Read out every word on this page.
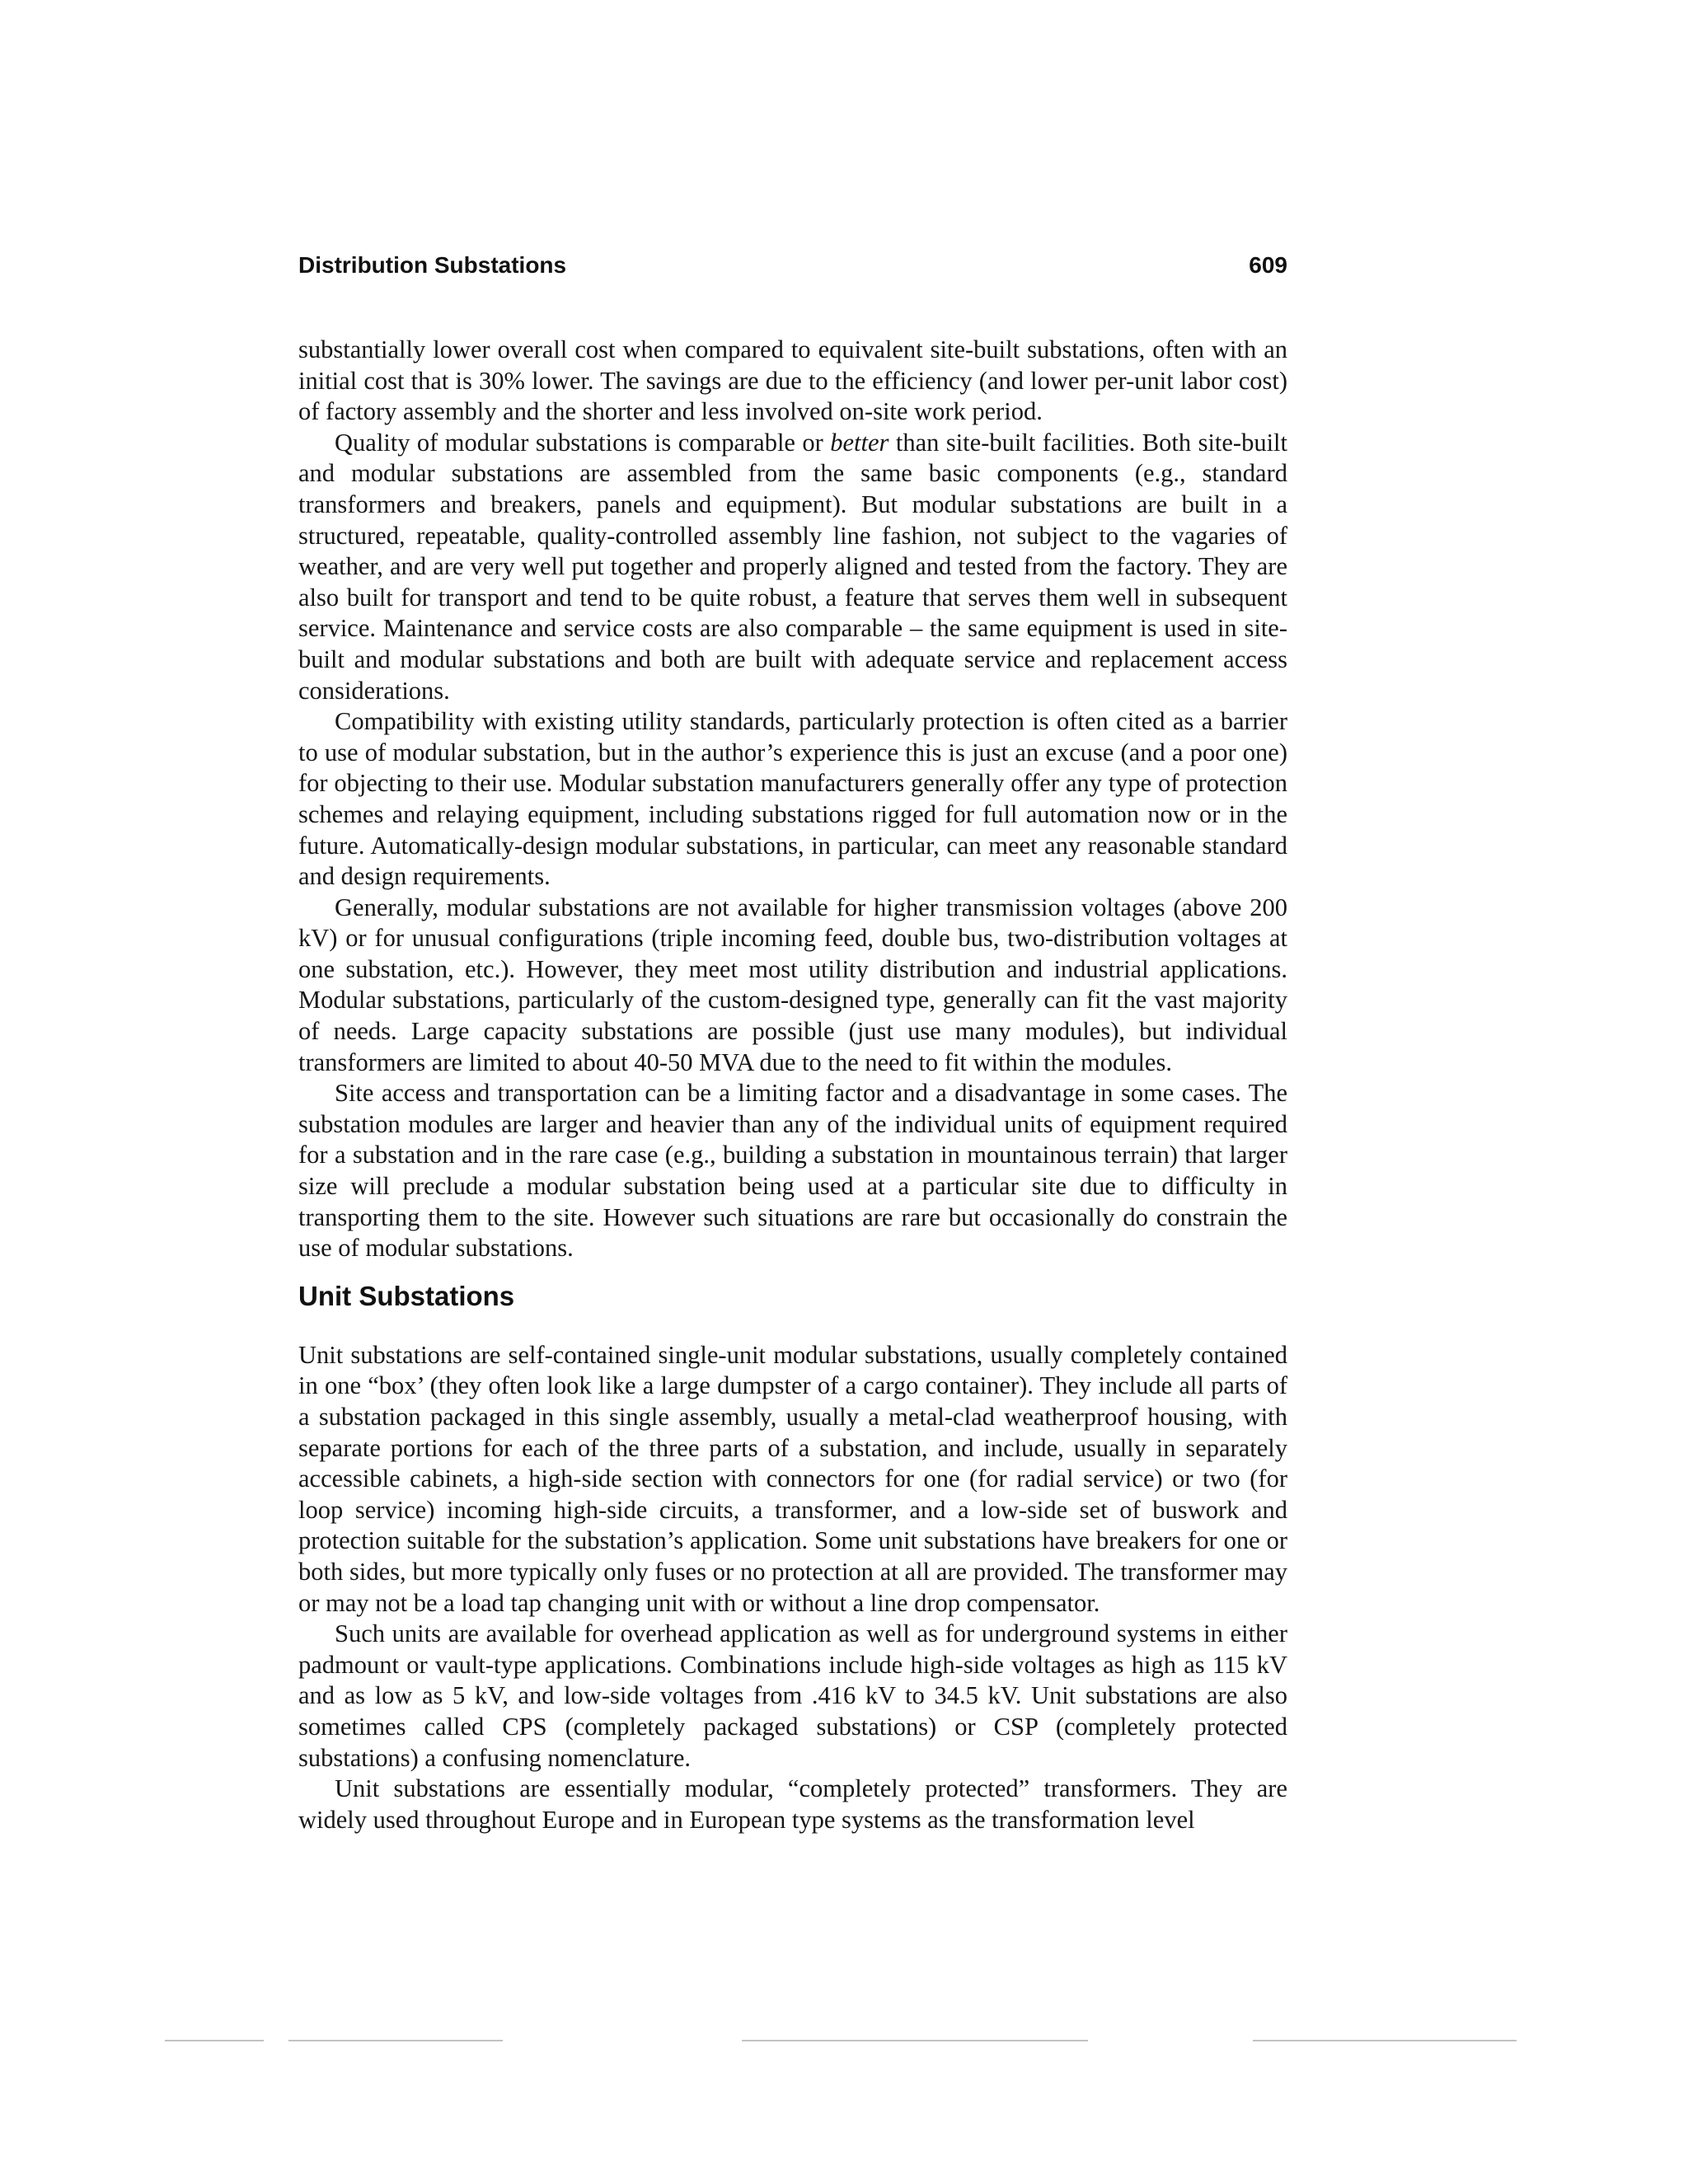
Distribution Substations	609

substantially lower overall cost when compared to equivalent site-built substations, often with an initial cost that is 30% lower. The savings are due to the efficiency (and lower per-unit labor cost) of factory assembly and the shorter and less involved on-site work period.

Quality of modular substations is comparable or better than site-built facilities. Both site-built and modular substations are assembled from the same basic components (e.g., standard transformers and breakers, panels and equipment). But modular substations are built in a structured, repeatable, quality-controlled assembly line fashion, not subject to the vagaries of weather, and are very well put together and properly aligned and tested from the factory. They are also built for transport and tend to be quite robust, a feature that serves them well in subsequent service. Maintenance and service costs are also comparable – the same equipment is used in site-built and modular substations and both are built with adequate service and replacement access considerations.

Compatibility with existing utility standards, particularly protection is often cited as a barrier to use of modular substation, but in the author’s experience this is just an excuse (and a poor one) for objecting to their use. Modular substation manufacturers generally offer any type of protection schemes and relaying equipment, including substations rigged for full automation now or in the future. Automatically-design modular substations, in particular, can meet any reasonable standard and design requirements.

Generally, modular substations are not available for higher transmission voltages (above 200 kV) or for unusual configurations (triple incoming feed, double bus, two-distribution voltages at one substation, etc.). However, they meet most utility distribution and industrial applications. Modular substations, particularly of the custom-designed type, generally can fit the vast majority of needs. Large capacity substations are possible (just use many modules), but individual transformers are limited to about 40-50 MVA due to the need to fit within the modules.

Site access and transportation can be a limiting factor and a disadvantage in some cases. The substation modules are larger and heavier than any of the individual units of equipment required for a substation and in the rare case (e.g., building a substation in mountainous terrain) that larger size will preclude a modular substation being used at a particular site due to difficulty in transporting them to the site. However such situations are rare but occasionally do constrain the use of modular substations.

Unit Substations

Unit substations are self-contained single-unit modular substations, usually completely contained in one “box’ (they often look like a large dumpster of a cargo container). They include all parts of a substation packaged in this single assembly, usually a metal-clad weatherproof housing, with separate portions for each of the three parts of a substation, and include, usually in separately accessible cabinets, a high-side section with connectors for one (for radial service) or two (for loop service) incoming high-side circuits, a transformer, and a low-side set of buswork and protection suitable for the substation’s application. Some unit substations have breakers for one or both sides, but more typically only fuses or no protection at all are provided. The transformer may or may not be a load tap changing unit with or without a line drop compensator.

Such units are available for overhead application as well as for underground systems in either padmount or vault-type applications. Combinations include high-side voltages as high as 115 kV and as low as 5 kV, and low-side voltages from .416 kV to 34.5 kV. Unit substations are also sometimes called CPS (completely packaged substations) or CSP (completely protected substations) a confusing nomenclature.

Unit substations are essentially modular, “completely protected” transformers. They are widely used throughout Europe and in European type systems as the transformation level
